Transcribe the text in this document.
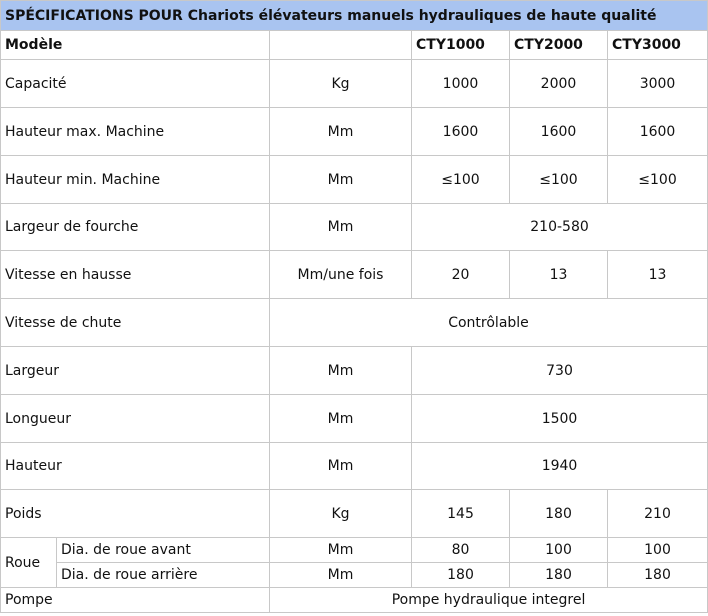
SPÉCIFICATIONS POUR Chariots élévateurs manuels hydrauliques de haute qualité					
Modèle			CTY1000	CTY2000	CTY3000
Capacité		Kg	1000	2000	3000
Hauteur max. Machine		Mm	1600	1600	1600
Hauteur min. Machine		Mm	≤100	≤100	≤100
Largeur de fourche		Mm	210-580		
Vitesse en hausse		Mm/une fois	20	13	13
Vitesse de chute		Contrôlable			
Largeur		Mm	730		
Longueur		Mm	1500		
Hauteur		Mm	1940		
Poids		Kg	145	180	210
Roue	Dia. de roue avant	Mm	80	100	100
	Dia. de roue arrière	Mm	180	180	180
Pompe		Pompe hydraulique integrel			
